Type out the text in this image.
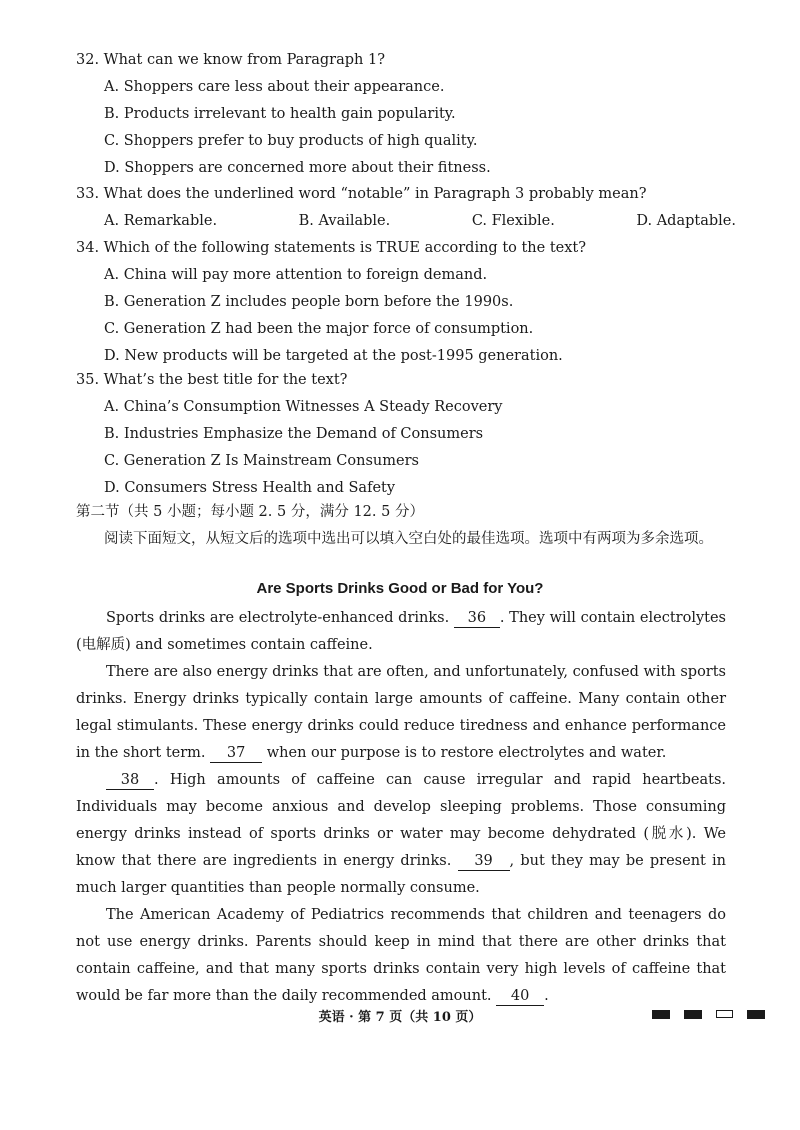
32. What can we know from Paragraph 1?
A. Shoppers care less about their appearance.
B. Products irrelevant to health gain popularity.
C. Shoppers prefer to buy products of high quality.
D. Shoppers are concerned more about their fitness.
33. What does the underlined word “notable” in Paragraph 3 probably mean?
A. Remarkable.	B. Available.	C. Flexible.	D. Adaptable.
34. Which of the following statements is TRUE according to the text?
A. China will pay more attention to foreign demand.
B. Generation Z includes people born before the 1990s.
C. Generation Z had been the major force of consumption.
D. New products will be targeted at the post-1995 generation.
35. What’s the best title for the text?
A. China’s Consumption Witnesses A Steady Recovery
B. Industries Emphasize the Demand of Consumers
C. Generation Z Is Mainstream Consumers
D. Consumers Stress Health and Safety
第二节（共 5 小题；每小题 2. 5 分，满分 12. 5 分）
阅读下面短文，从短文后的选项中选出可以填入空白处的最佳选项。选项中有两项为多余选项。
Are Sports Drinks Good or Bad for You?
Sports drinks are electrolyte-enhanced drinks. 36 . They will contain electrolytes (电解质) and sometimes contain caffeine.
There are also energy drinks that are often, and unfortunately, confused with sports drinks. Energy drinks typically contain large amounts of caffeine. Many contain other legal stimulants. These energy drinks could reduce tiredness and enhance performance in the short term. 37 when our purpose is to restore electrolytes and water.
38 . High amounts of caffeine can cause irregular and rapid heartbeats. Individuals may become anxious and develop sleeping problems. Those consuming energy drinks instead of sports drinks or water may become dehydrated (脱水). We know that there are ingredients in energy drinks. 39 , but they may be present in much larger quantities than people normally consume.
The American Academy of Pediatrics recommends that children and teenagers do not use energy drinks. Parents should keep in mind that there are other drinks that contain caffeine, and that many sports drinks contain very high levels of caffeine that would be far more than the daily recommended amount. 40 .
英语 · 第 7 页（共 10 页）
